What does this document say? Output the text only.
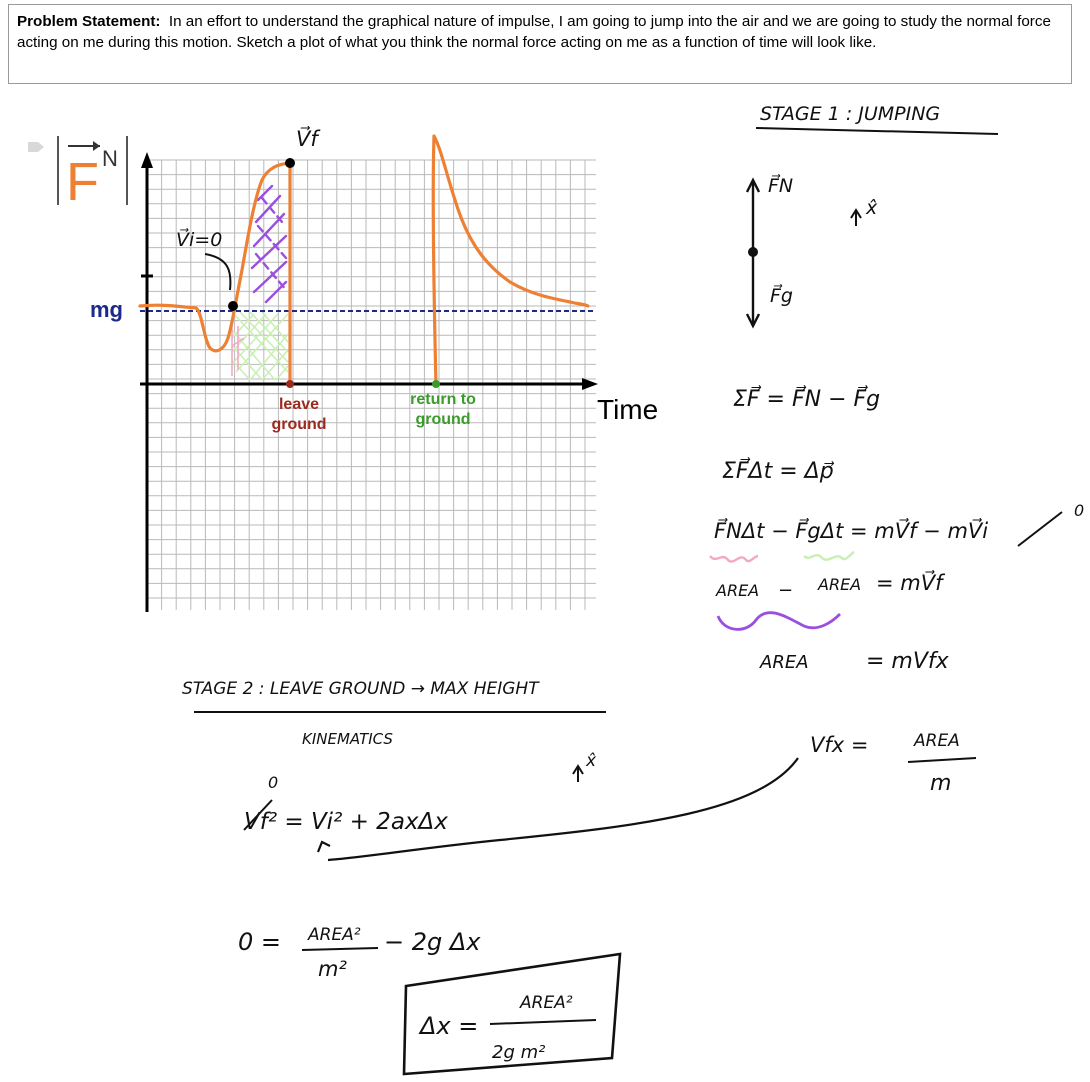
Problem Statement: In an effort to understand the graphical nature of impulse, I am going to jump into the air and we are going to study the normal force acting on me during this motion. Sketch a plot of what you think the normal force acting on me as a function of time will look like.
mg
F N
V⃗f
V⃗i=0
leave
ground
return to
ground	Time
STAGE 1 : JUMPING
F⃗N
F⃗g
x̂
ΣF⃗ = F⃗N − F⃗g
ΣF⃗Δt = Δp⃗
F⃗NΔt − F⃗gΔt = mV⃗f − mV⃗i
0
AREA − AREA = mV⃗f
AREA	= mVfx
Vfx =	AREA
m
STAGE 2 : LEAVE GROUND → MAX HEIGHT
KINEMATICS
x̂
Vf² = Vi² + 2axΔx
0
0 = AREA²
m²
− 2g Δx
Δx =
AREA²
2g m²
